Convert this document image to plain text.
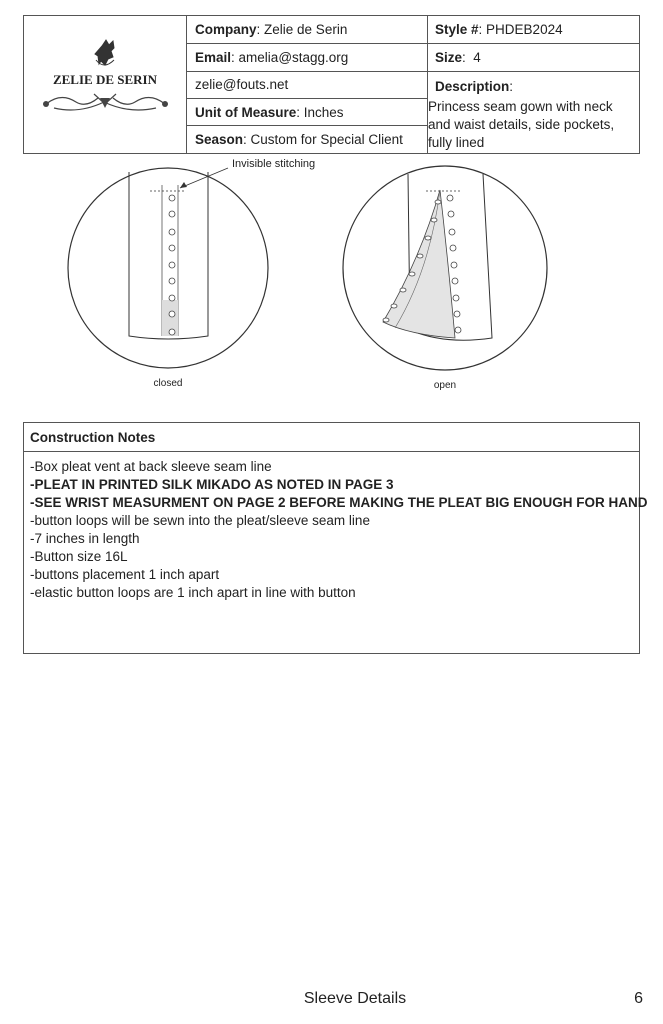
ZELIE DE SERIN
Company: Zelie de Serin	Style #: PHDEB2024
Email: amelia@stagg.org	Size:  4
zelie@fouts.net	Description:
Unit of Measure: Inches
Season: Custom for Special Client
Princess seam gown with neck and waist details, side pockets, fully lined
Invisible stitching
closed	open
Construction Notes
-Box pleat vent at back sleeve seam line
-PLEAT IN PRINTED SILK MIKADO AS NOTED IN PAGE 3
-SEE WRIST MEASURMENT ON PAGE 2 BEFORE MAKING THE PLEAT BIG ENOUGH FOR HAND
-button loops will be sewn into the pleat/sleeve seam line
-7 inches in length
-Button size 16L
-buttons placement 1 inch apart
-elastic button loops are 1 inch apart in line with button
Sleeve Details	6
